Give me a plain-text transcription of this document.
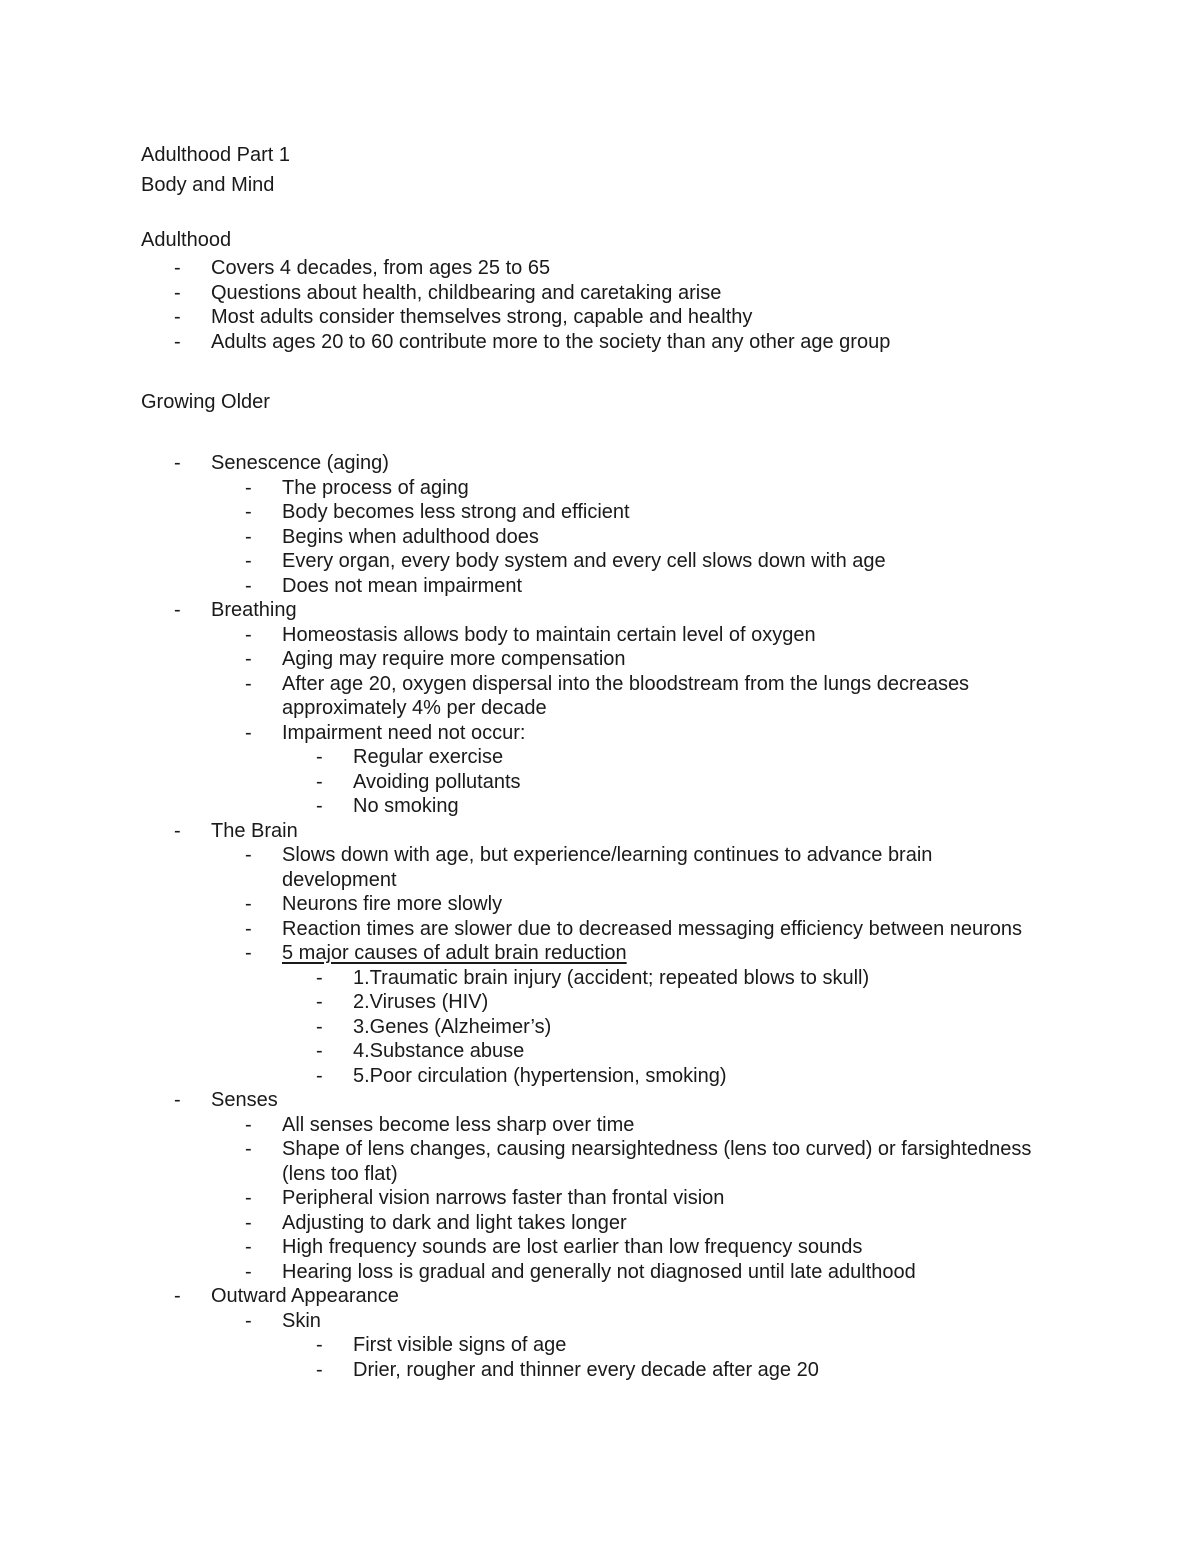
Adulthood Part 1
Body and Mind
Adulthood
- Covers 4 decades, from ages 25 to 65
- Questions about health, childbearing and caretaking arise
- Most adults consider themselves strong, capable and healthy
- Adults ages 20 to 60 contribute more to the society than any other age group
Growing Older
- Senescence (aging)
- The process of aging
- Body becomes less strong and efficient
- Begins when adulthood does
- Every organ, every body system and every cell slows down with age
- Does not mean impairment
- Breathing
- Homeostasis allows body to maintain certain level of oxygen
- Aging may require more compensation
- After age 20, oxygen dispersal into the bloodstream from the lungs decreases approximately 4% per decade
- Impairment need not occur:
- Regular exercise
- Avoiding pollutants
- No smoking
- The Brain
- Slows down with age, but experience/learning continues to advance brain development
- Neurons fire more slowly
- Reaction times are slower due to decreased messaging efficiency between neurons
- 5 major causes of adult brain reduction
- 1.Traumatic brain injury (accident; repeated blows to skull)
- 2.Viruses (HIV)
- 3.Genes (Alzheimer’s)
- 4.Substance abuse
- 5.Poor circulation (hypertension, smoking)
- Senses
- All senses become less sharp over time
- Shape of lens changes, causing nearsightedness (lens too curved) or farsightedness (lens too flat)
- Peripheral vision narrows faster than frontal vision
- Adjusting to dark and light takes longer
- High frequency sounds are lost earlier than low frequency sounds
- Hearing loss is gradual and generally not diagnosed until late adulthood
- Outward Appearance
- Skin
- First visible signs of age
- Drier, rougher and thinner every decade after age 20
